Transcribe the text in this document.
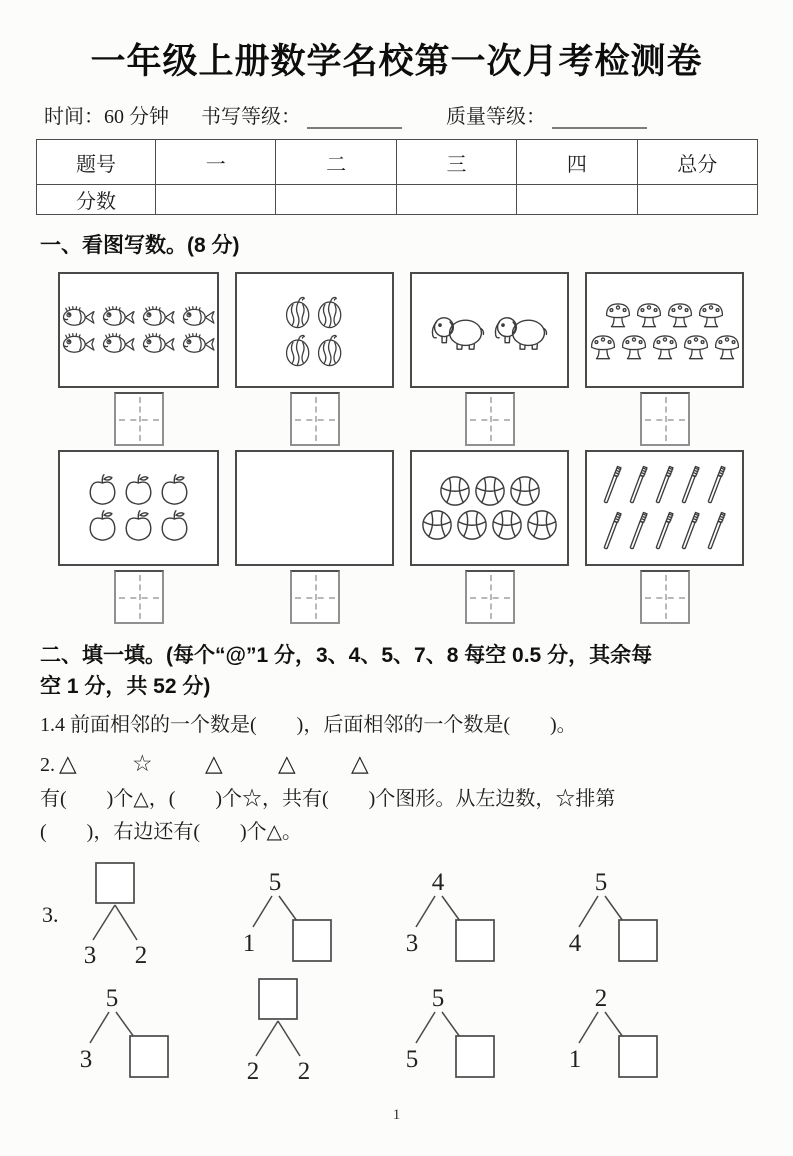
一年级上册数学名校第一次月考检测卷
时间：60 分钟 书写等级：	质量等级：
题号	一	二	三	四	总分
分数					
一、看图写数。(8 分)
二、填一填。(每个“@”1 分，3、4、5、7、8 每空 0.5 分，其余每
空 1 分，共 52 分)
1.4 前面相邻的一个数是(　　)，后面相邻的一个数是(　　)。
2. △	☆	△	△	△
有(　　)个△，(　　)个☆，共有(　　)个图形。从左边数，☆排第
(　　)，右边还有(　　)个△。
3.
3 2
5
1
4
3
5
4
5
3	2 2
5
5
2
1
1
